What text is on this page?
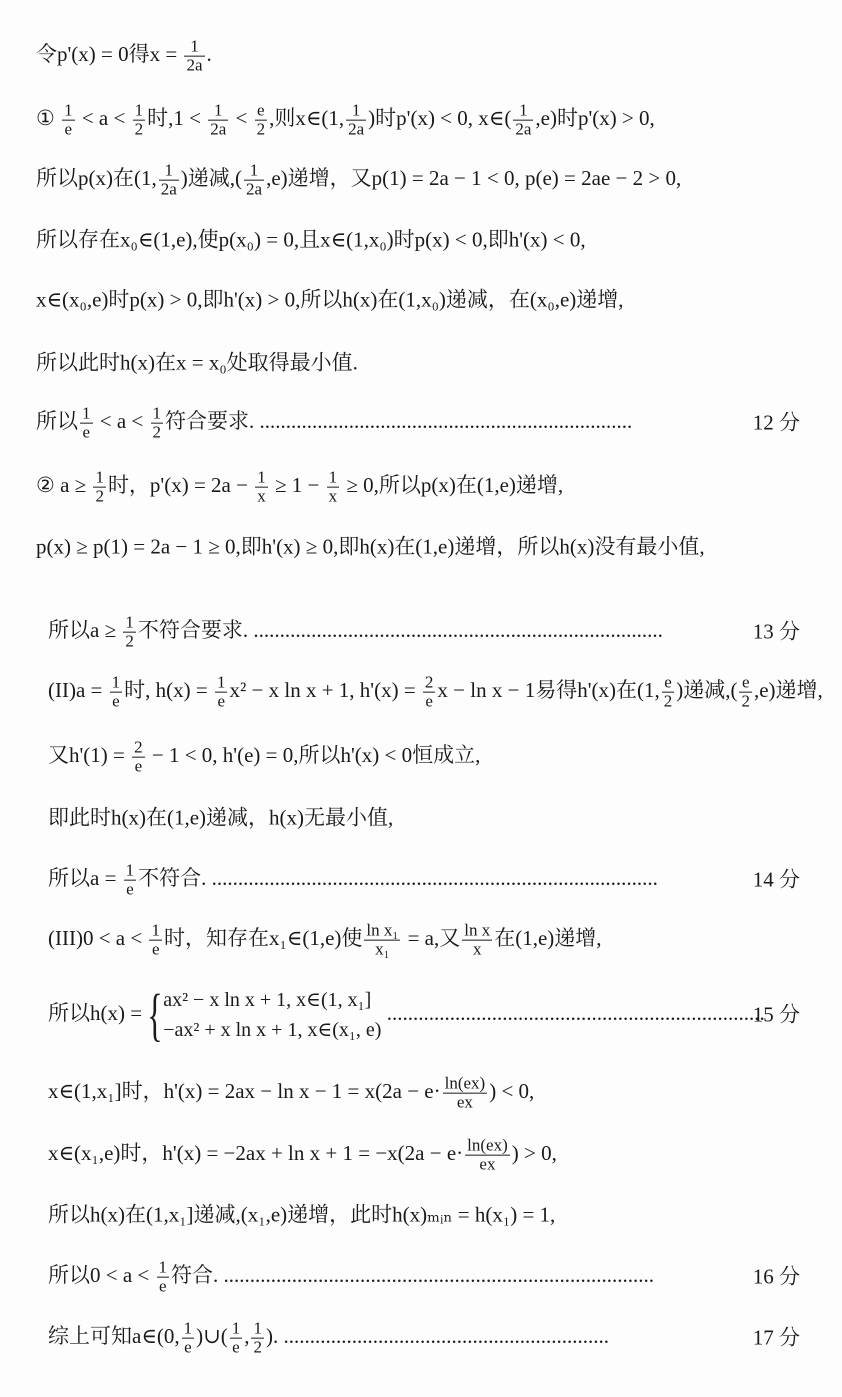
令p'(x) = 0得$x = \frac{1}{2a}$ .
① $\frac{1}{e} < a < \frac{1}{2}$ 时$,1 < \frac{1}{2a} < \frac{e}{2}$ ,则x∈(1, $\frac{1}{2a}$ )时p'(x) < 0, x∈( $\frac{1}{2a} ,e$)时p'(x) > 0,
所以p(x)在(1, $\frac{1}{2a}$ )递减,( $\frac{1}{2a} ,e$)递增，又p(1) = 2a − 1 < 0, p(e) = 2ae − 2 > 0,
所以存在x₀∈(1,e),使p(x₀) = 0,且x∈(1,x₀)时p(x) < 0,即h'(x) < 0,
x∈(x₀,e)时p(x) > 0,即h'(x) > 0,所以h(x)在(1,x₀)递减，在(x₀,e)递增,
所以此时h(x)在x = x₀处取得最小值.
所以 $\frac{1}{e} < a < \frac{1}{2}$ 符合要求. .......................................................................	12 分
② $a \ge \frac{1}{2}$ 时，$p'(x) = 2a - \frac{1}{x} \ge 1 - \frac{1}{x} \ge 0$,所以p(x)在(1,e)递增,
p(x) ≥ p(1) = 2a − 1 ≥ 0,即h'(x) ≥ 0,即h(x)在(1,e)递增，所以h(x)没有最小值,
所以$a \ge \frac{1}{2}$ 不符合要求. ..............................................................................	13 分
$(II)a = \frac{1}{e}$ 时, $h(x) = \frac{1}{e} x^2 - x$ ln x + 1, $h'(x) = \frac{2}{e}$ x − ln x − 1易得h'(x)在(1, $\frac{e}{2}$ )递减,( $\frac{e}{2} ,e$)递增,
又$h'(1) = \frac{2}{e} - 1 < 0$, h'(e) = 0,所以h'(x) < 0恒成立,
即此时h(x)在(1,e)递减，h(x)无最小值,
所以$a = \frac{1}{e}$ 不符合. .....................................................................................	14 分
$(III)0 < a < \frac{1}{e}$ 时，知存在x₁∈(1,e)使 $\frac{\text{ln x₁}}{\text{x₁}} = a$,又 $\frac{\text{ln x}}{x}$ 在(1,e)递增,
所以h(x) = { ax² − x ln x + 1, x∈(1, x₁]
−ax² + x ln x + 1, x∈(x₁, e)
........................................................................
15 分
x∈(1,x₁]时，$h'(x) = 2ax - \ln x - 1 = x(2a - e\cdot \frac{\ln(ex)}{ex}$ ) < 0,
x∈(x₁,e)时，$h'(x) = -2ax + \ln x + 1 = -x(2a - e\cdot \frac{\ln(ex)}{ex}$ ) > 0,
所以h(x)在(1,x₁]递减,(x₁,e)递增，此时h(x)ₘᵢₙ = h(x₁) = 1,
所以$0 < a < \frac{1}{e}$ 符合. ..................................................................................	16 分
综上可知a∈(0, $\frac{1}{e}$ )∪( $\frac{1}{e}$ , $\frac{1}{2}$ ). ..............................................................	17 分
